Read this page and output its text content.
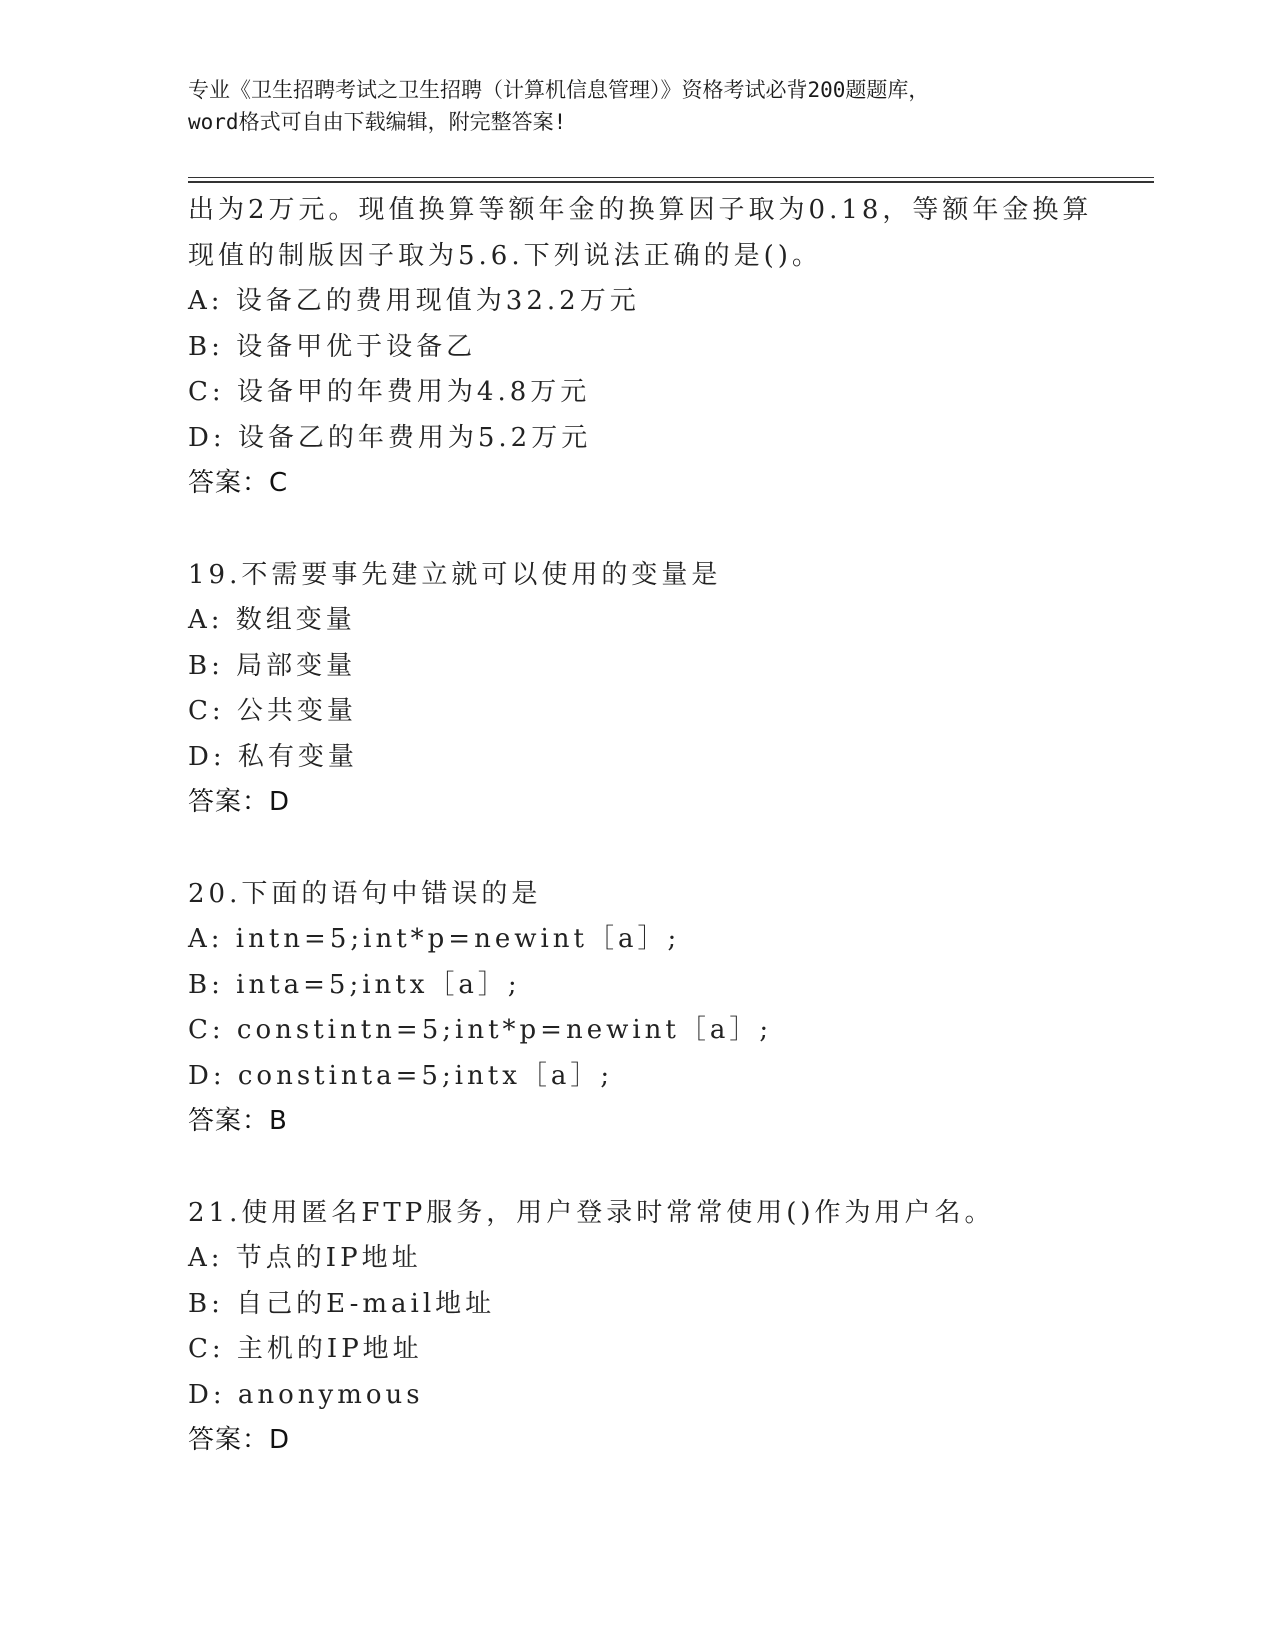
专业《卫生招聘考试之卫生招聘（计算机信息管理）》资格考试必背200题题库，
word格式可自由下载编辑，附完整答案!
出为2万元。现值换算等额年金的换算因子取为0.18，等额年金换算
现值的制版因子取为5.6.下列说法正确的是()。
A: 设备乙的费用现值为32.2万元
B: 设备甲优于设备乙
C: 设备甲的年费用为4.8万元
D: 设备乙的年费用为5.2万元
答案：C
19.不需要事先建立就可以使用的变量是
A: 数组变量
B: 局部变量
C: 公共变量
D: 私有变量
答案：D
20.下面的语句中错误的是
A: intn=5;int*p=newint［a］;
B: inta=5;intx［a］;
C: constintn=5;int*p=newint［a］;
D: constinta=5;intx［a］;
答案：B
21.使用匿名FTP服务，用户登录时常常使用()作为用户名。
A: 节点的IP地址
B: 自己的E-mail地址
C: 主机的IP地址
D: anonymous
答案：D
